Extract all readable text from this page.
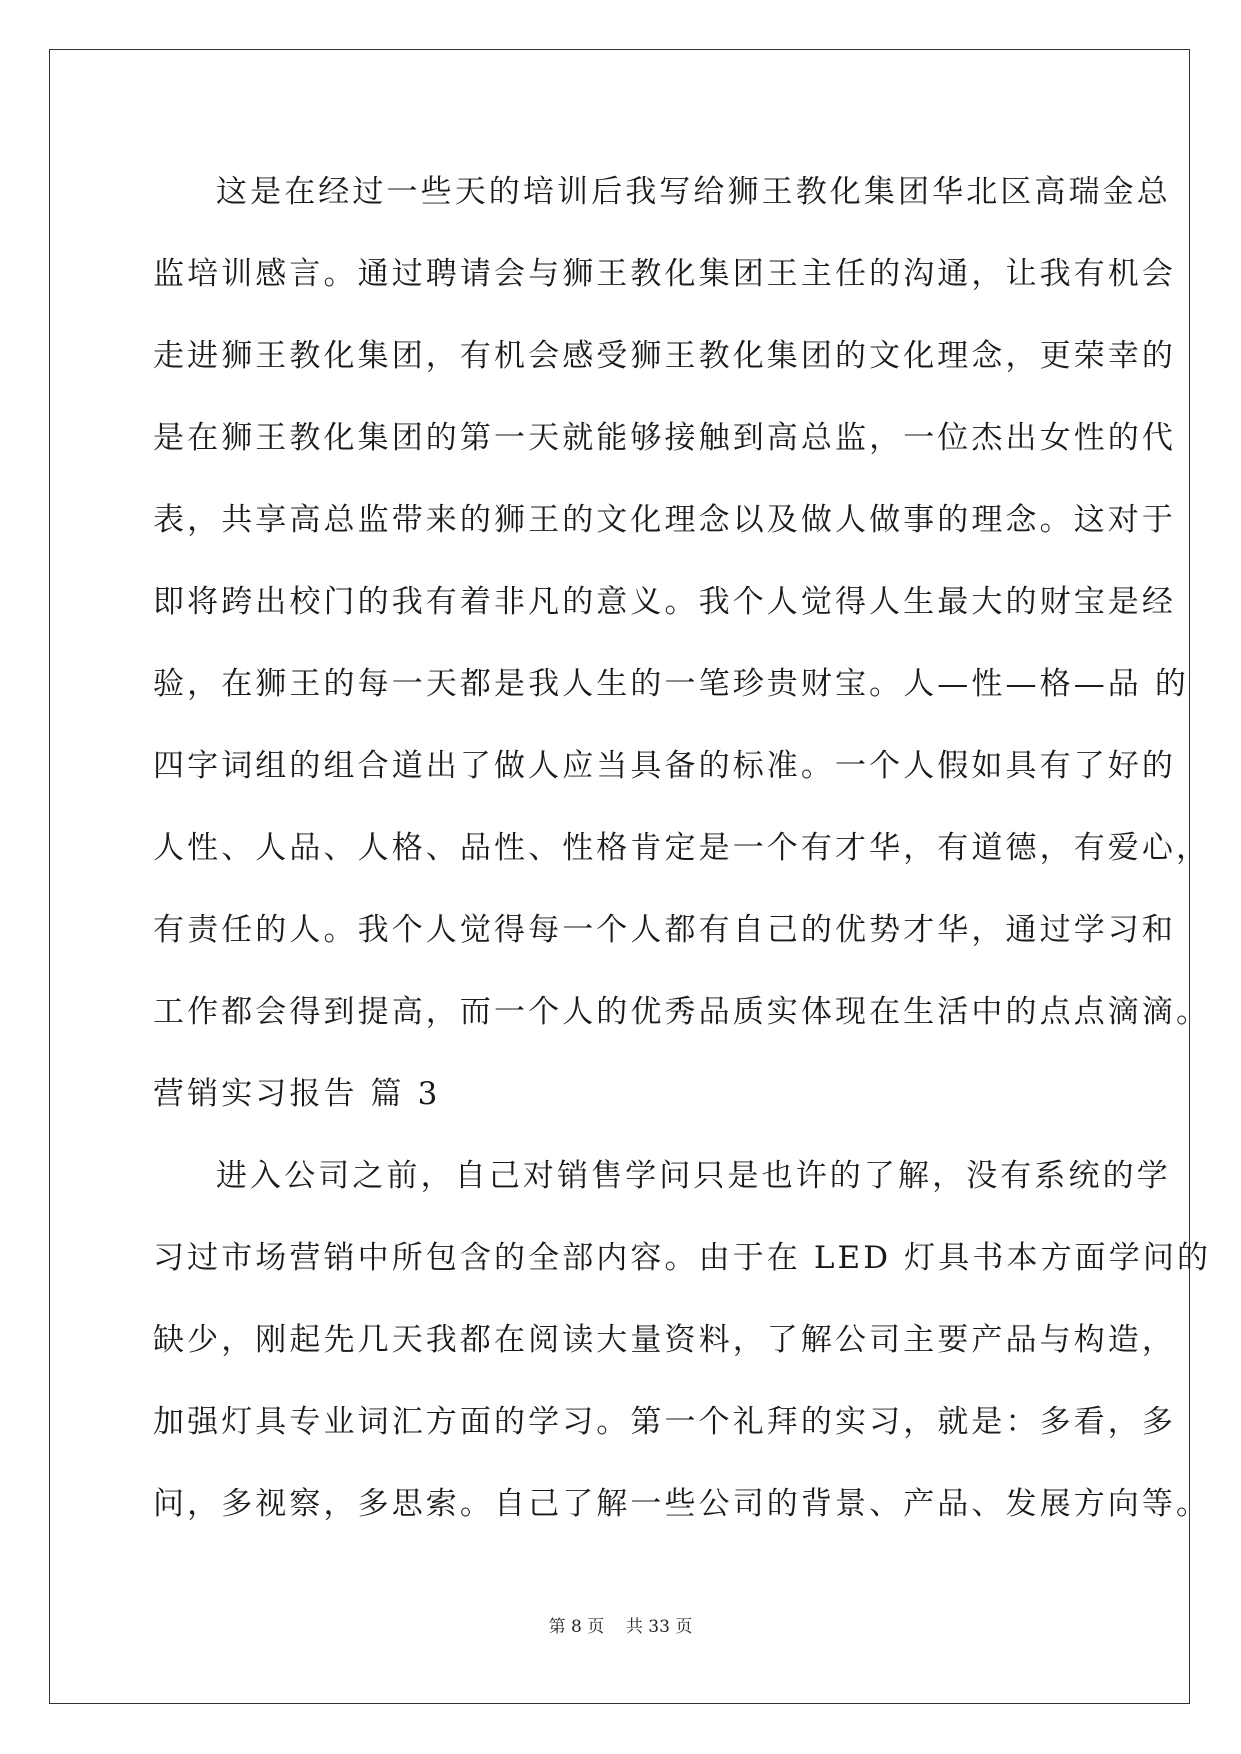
这是在经过一些天的培训后我写给狮王教化集团华北区高瑞金总
监培训感言。通过聘请会与狮王教化集团王主任的沟通，让我有机会
走进狮王教化集团，有机会感受狮王教化集团的文化理念，更荣幸的
是在狮王教化集团的第一天就能够接触到高总监，一位杰出女性的代
表，共享高总监带来的狮王的文化理念以及做人做事的理念。这对于
即将跨出校门的我有着非凡的意义。我个人觉得人生最大的财宝是经
验，在狮王的每一天都是我人生的一笔珍贵财宝。人—性—格—品 的
四字词组的组合道出了做人应当具备的标准。一个人假如具有了好的
人性、人品、人格、品性、性格肯定是一个有才华，有道德，有爱心，
有责任的人。我个人觉得每一个人都有自己的优势才华，通过学习和
工作都会得到提高，而一个人的优秀品质实体现在生活中的点点滴滴。
营销实习报告 篇 3
进入公司之前，自己对销售学问只是也许的了解，没有系统的学
习过市场营销中所包含的全部内容。由于在 LED 灯具书本方面学问的
缺少，刚起先几天我都在阅读大量资料，了解公司主要产品与构造，
加强灯具专业词汇方面的学习。第一个礼拜的实习，就是：多看，多
问，多视察，多思索。自己了解一些公司的背景、产品、发展方向等。
第 8 页    共 33 页
